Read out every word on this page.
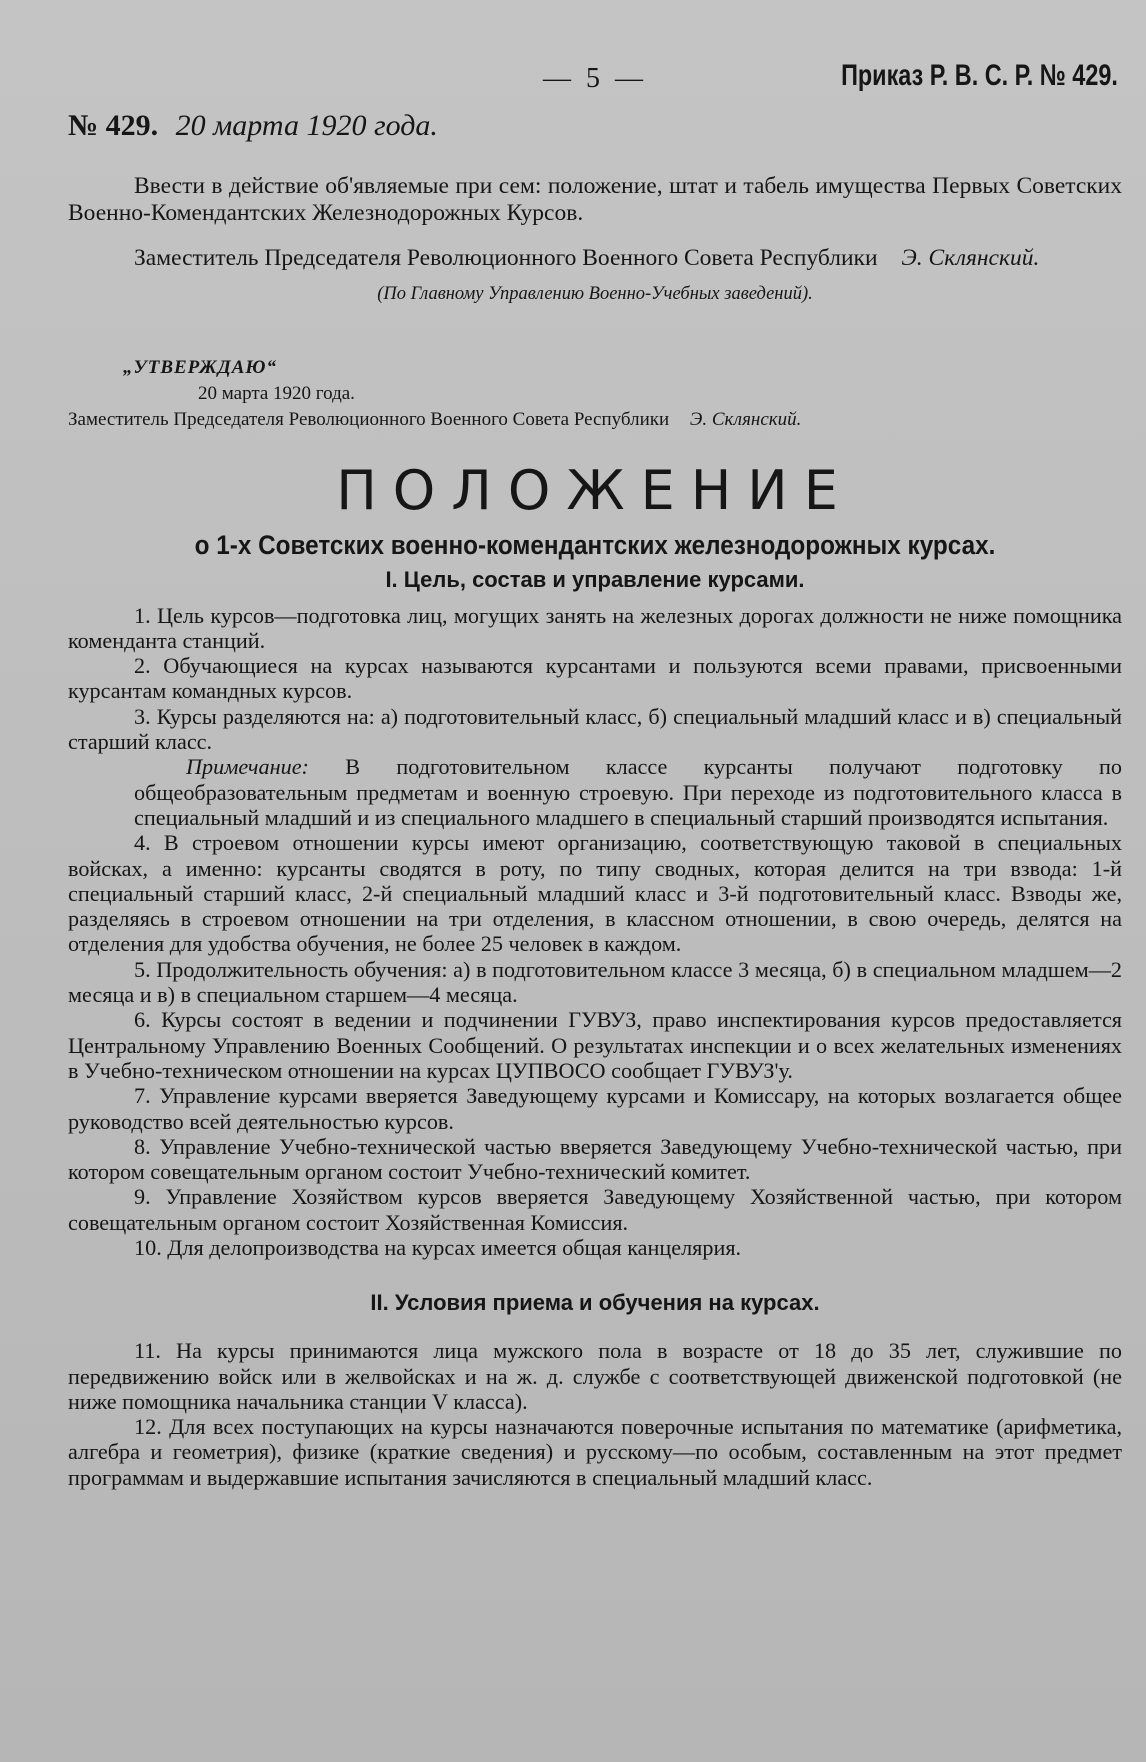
— 5 —	Приказ Р. В. С. Р. № 429.
№ 429. 20 марта 1920 года.

Ввести в действие об'являемые при сем: положение, штат и табель имущества Первых Советских Военно-Комендантских Железнодорожных Курсов.

Заместитель Председателя Революционного Военного Совета Республики Э. Склянский.
(По Главному Управлению Военно-Учебных заведений).
„УТВЕРЖДАЮ“
20 марта 1920 года.
Заместитель Председателя Революционного Военного Совета Республики Э. Склянский.
ПОЛОЖЕНИЕ
о 1-х Советских военно-комендантских железнодорожных курсах.
I. Цель, состав и управление курсами.

1. Цель курсов—подготовка лиц, могущих занять на железных дорогах должности не ниже помощника коменданта станций.

2. Обучающиеся на курсах называются курсантами и пользуются всеми правами, присвоенными курсантам командных курсов.

3. Курсы разделяются на: а) подготовительный класс, б) специальный младший класс и в) специальный старший класс.

Примечание: В подготовительном классе курсанты получают подготовку по общеобразовательным предметам и военную строевую. При переходе из подготовительного класса в специальный младший и из специального младшего в специальный старший производятся испытания.

4. В строевом отношении курсы имеют организацию, соответствующую таковой в специальных войсках, а именно: курсанты сводятся в роту, по типу сводных, которая делится на три взвода: 1-й специальный старший класс, 2-й специальный младший класс и 3-й подготовительный класс. Взводы же, разделяясь в строевом отношении на три отделения, в классном отношении, в свою очередь, делятся на отделения для удобства обучения, не более 25 человек в каждом.

5. Продолжительность обучения: а) в подготовительном классе 3 месяца, б) в специальном младшем—2 месяца и в) в специальном старшем—4 месяца.

6. Курсы состоят в ведении и подчинении ГУВУЗ, право инспектирования курсов предоставляется Центральному Управлению Военных Сообщений. О результатах инспекции и о всех желательных изменениях в Учебно-техническом отношении на курсах ЦУПВОСО сообщает ГУВУЗ'у.

7. Управление курсами вверяется Заведующему курсами и Комиссару, на которых возлагается общее руководство всей деятельностью курсов.

8. Управление Учебно-технической частью вверяется Заведующему Учебно-технической частью, при котором совещательным органом состоит Учебно-технический комитет.

9. Управление Хозяйством курсов вверяется Заведующему Хозяйственной частью, при котором совещательным органом состоит Хозяйственная Комиссия.

10. Для делопроизводства на курсах имеется общая канцелярия.

II. Условия приема и обучения на курсах.

11. На курсы принимаются лица мужского пола в возрасте от 18 до 35 лет, служившие по передвижению войск или в желвойсках и на ж. д. службе с соответствующей движенской подготовкой (не ниже помощника начальника станции V класса).

12. Для всех поступающих на курсы назначаются поверочные испытания по математике (арифметика, алгебра и геометрия), физике (краткие сведения) и русскому—по особым, составленным на этот предмет программам и выдержавшие испытания зачисляются в специальный младший класс.
